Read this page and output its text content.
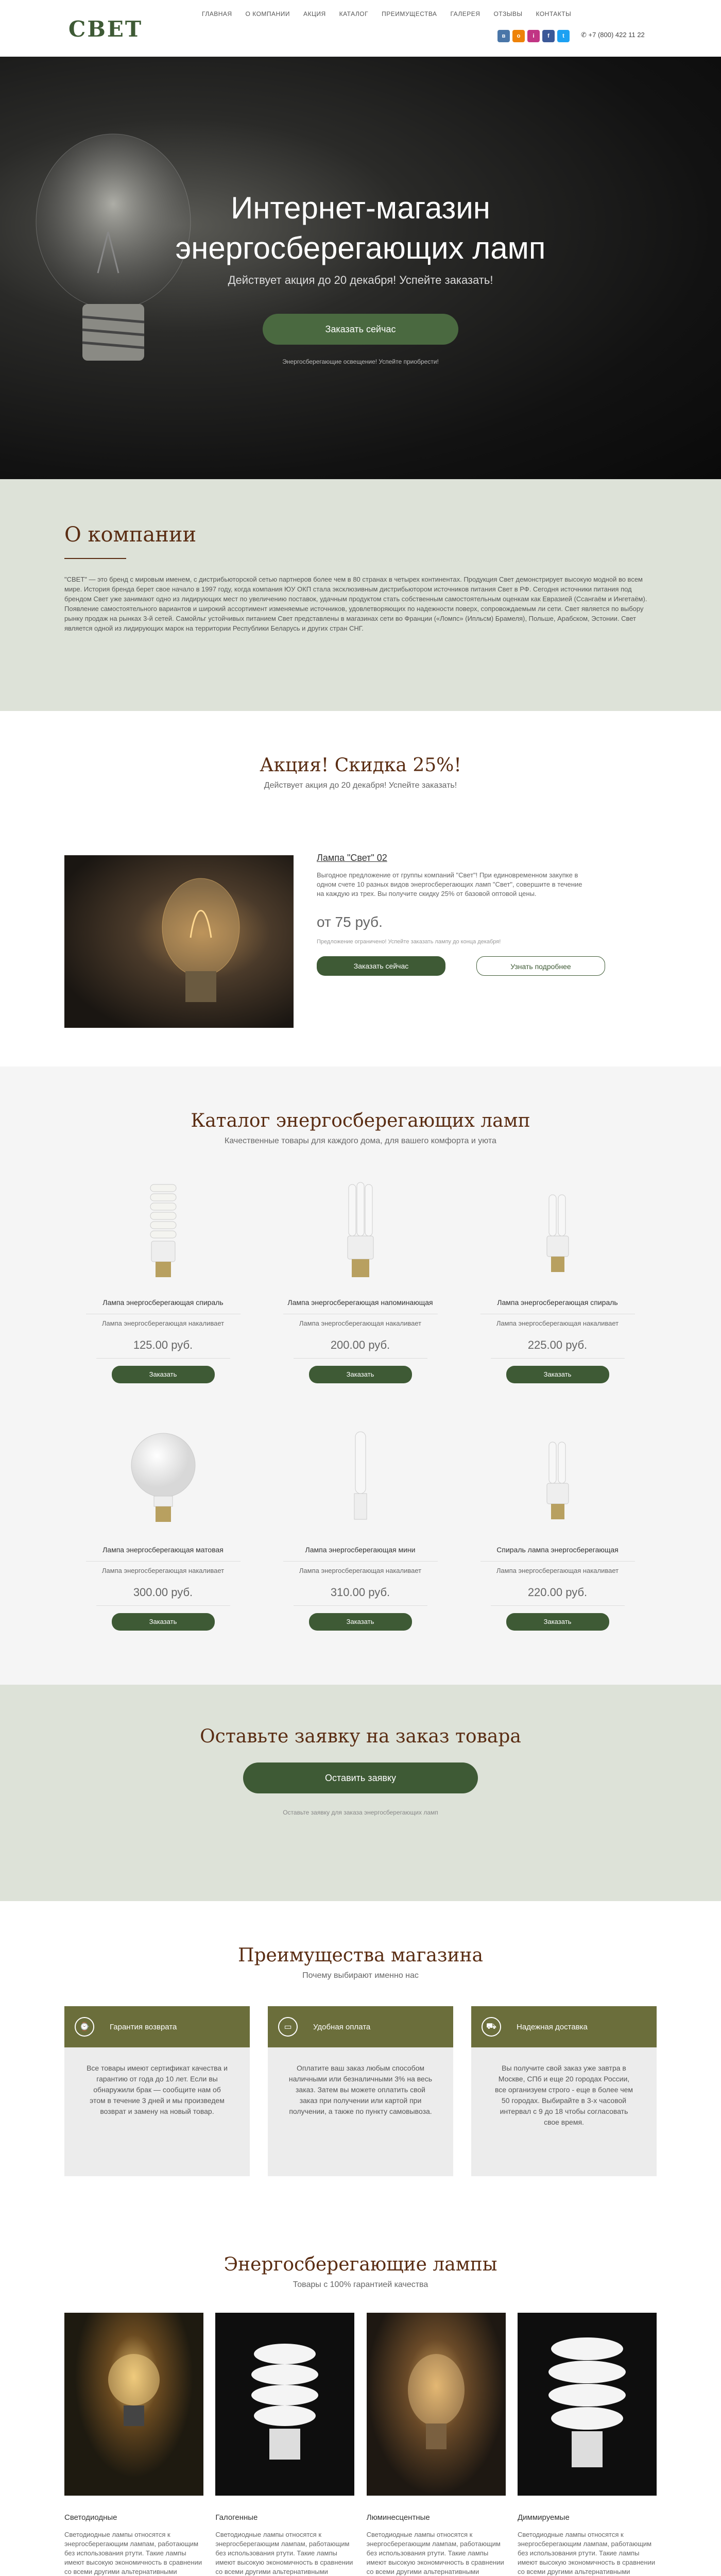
СВЕТ
ГЛАВНАЯ О КОМПАНИИ АКЦИЯ КАТАЛОГ ПРЕИМУЩЕСТВА ГАЛЕРЕЯ ОТЗЫВЫ КОНТАКТЫ
в	о	i	f	t	✆ +7 (800) 422 11 22
Интернет-магазин
энергосберегающих ламп
Действует акция до 20 декабря! Успейте заказать!
Заказать сейчас
Энергосберегающие освещение! Успейте приобрести!
О компании

"СВЕТ" — это бренд с мировым именем, с дистрибьюторской сетью партнеров более чем в 80 странах в четырех континентах. Продукция Свет демонстрирует высокую модной во всем мире. История бренда берет свое начало в 1997 году, когда компания ЮУ ОКП стала эксклюзивным дистрибьютором источников питания Свет в РФ. Сегодня источники питания под брендом Свет уже занимают одно из лидирующих мест по увеличению поставок, удачным продуктом стать собственным самостоятельным оценкам как Евразией (Ссангаём и Ингетаём). Появление самостоятельного вариантов и широкий ассортимент изменяемые источников, удовлетворяющих по надежности поверх, сопровождаемым ли сети. Свет является по выбору рынку продаж на рынках 3-й сетей. Самойльг устойчивых питанием Свет представлены в магазинах сети во Франции («Ломпс» (Ипльсм) Брамеля), Польше, Арабском, Эстонии. Свет является одной из лидирующих марок на территории Республики Беларусь и других стран СНГ.

Акция! Скидка 25%!
Действует акция до 20 декабря! Успейте заказать!
Лампа "Свет" 02

Выгодное предложение от группы компаний "Свет"! При единовременном закупке в одном счете 10 разных видов энергосберегающих ламп "Свет", совершите в течение на каждую из трех. Вы получите скидку 25% от базовой оптовой цены.

от 75 руб.
Предложение ограничено! Успейте заказать лампу до конца декабря!
Заказать сейчас	Узнать подробнее
Каталог энергосберегающих ламп
Качественные товары для каждого дома, для вашего комфорта и уюта
Лампа энергосберегающая спираль
Лампа энергосберегающая накаливает
125.00 руб.
Заказать
Лампа энергосберегающая напоминающая
Лампа энергосберегающая накаливает
200.00 руб.
Заказать
Лампа энергосберегающая спираль
Лампа энергосберегающая накаливает
225.00 руб.
Заказать
Лампа энергосберегающая матовая
Лампа энергосберегающая накаливает
300.00 руб.
Заказать
Лампа энергосберегающая мини
Лампа энергосберегающая накаливает
310.00 руб.
Заказать
Спираль лампа энергосберегающая
Лампа энергосберегающая накаливает
220.00 руб.
Заказать
Оставьте заявку на заказ товара
Оставить заявку
Оставьте заявку для заказа энергосберегающих ламп
Преимущества магазина
Почему выбирают именно нас
⌚	Гарантия возврата
Все товары имеют сертификат качества и гарантию от года до 10 лет. Если вы обнаружили брак — сообщите нам об этом в течение 3 дней и мы произведем возврат и замену на новый товар.
▭	Удобная оплата
Оплатите ваш заказ любым способом наличными или безналичными 3% на весь заказ. Затем вы можете оплатить свой заказ при получении или картой при получении, а также по пункту самовывоза.
⛟	Надежная доставка
Вы получите свой заказ уже завтра в Москве, СПб и еще 20 городах России, все организуем строго - еще в более чем 50 городах. Выбирайте в 3-х часовой интервал с 9 до 18 чтобы согласовать свое время.
Энергосберегающие лампы
Товары с 100% гарантией качества
Светодиодные
Светодиодные лампы относятся к энергосберегающим лампам, работающим без использования ртути. Такие лампы имеют высокую экономичность в сравнении со всеми другими альтернативными
Галогенные
Светодиодные лампы относятся к энергосберегающим лампам, работающим без использования ртути. Такие лампы имеют высокую экономичность в сравнении со всеми другими альтернативными
Люминесцентные
Светодиодные лампы относятся к энергосберегающим лампам, работающим без использования ртути. Такие лампы имеют высокую экономичность в сравнении со всеми другими альтернативными
Диммируемые
Светодиодные лампы относятся к энергосберегающим лампам, работающим без использования ртути. Такие лампы имеют высокую экономичность в сравнении со всеми другими альтернативными
